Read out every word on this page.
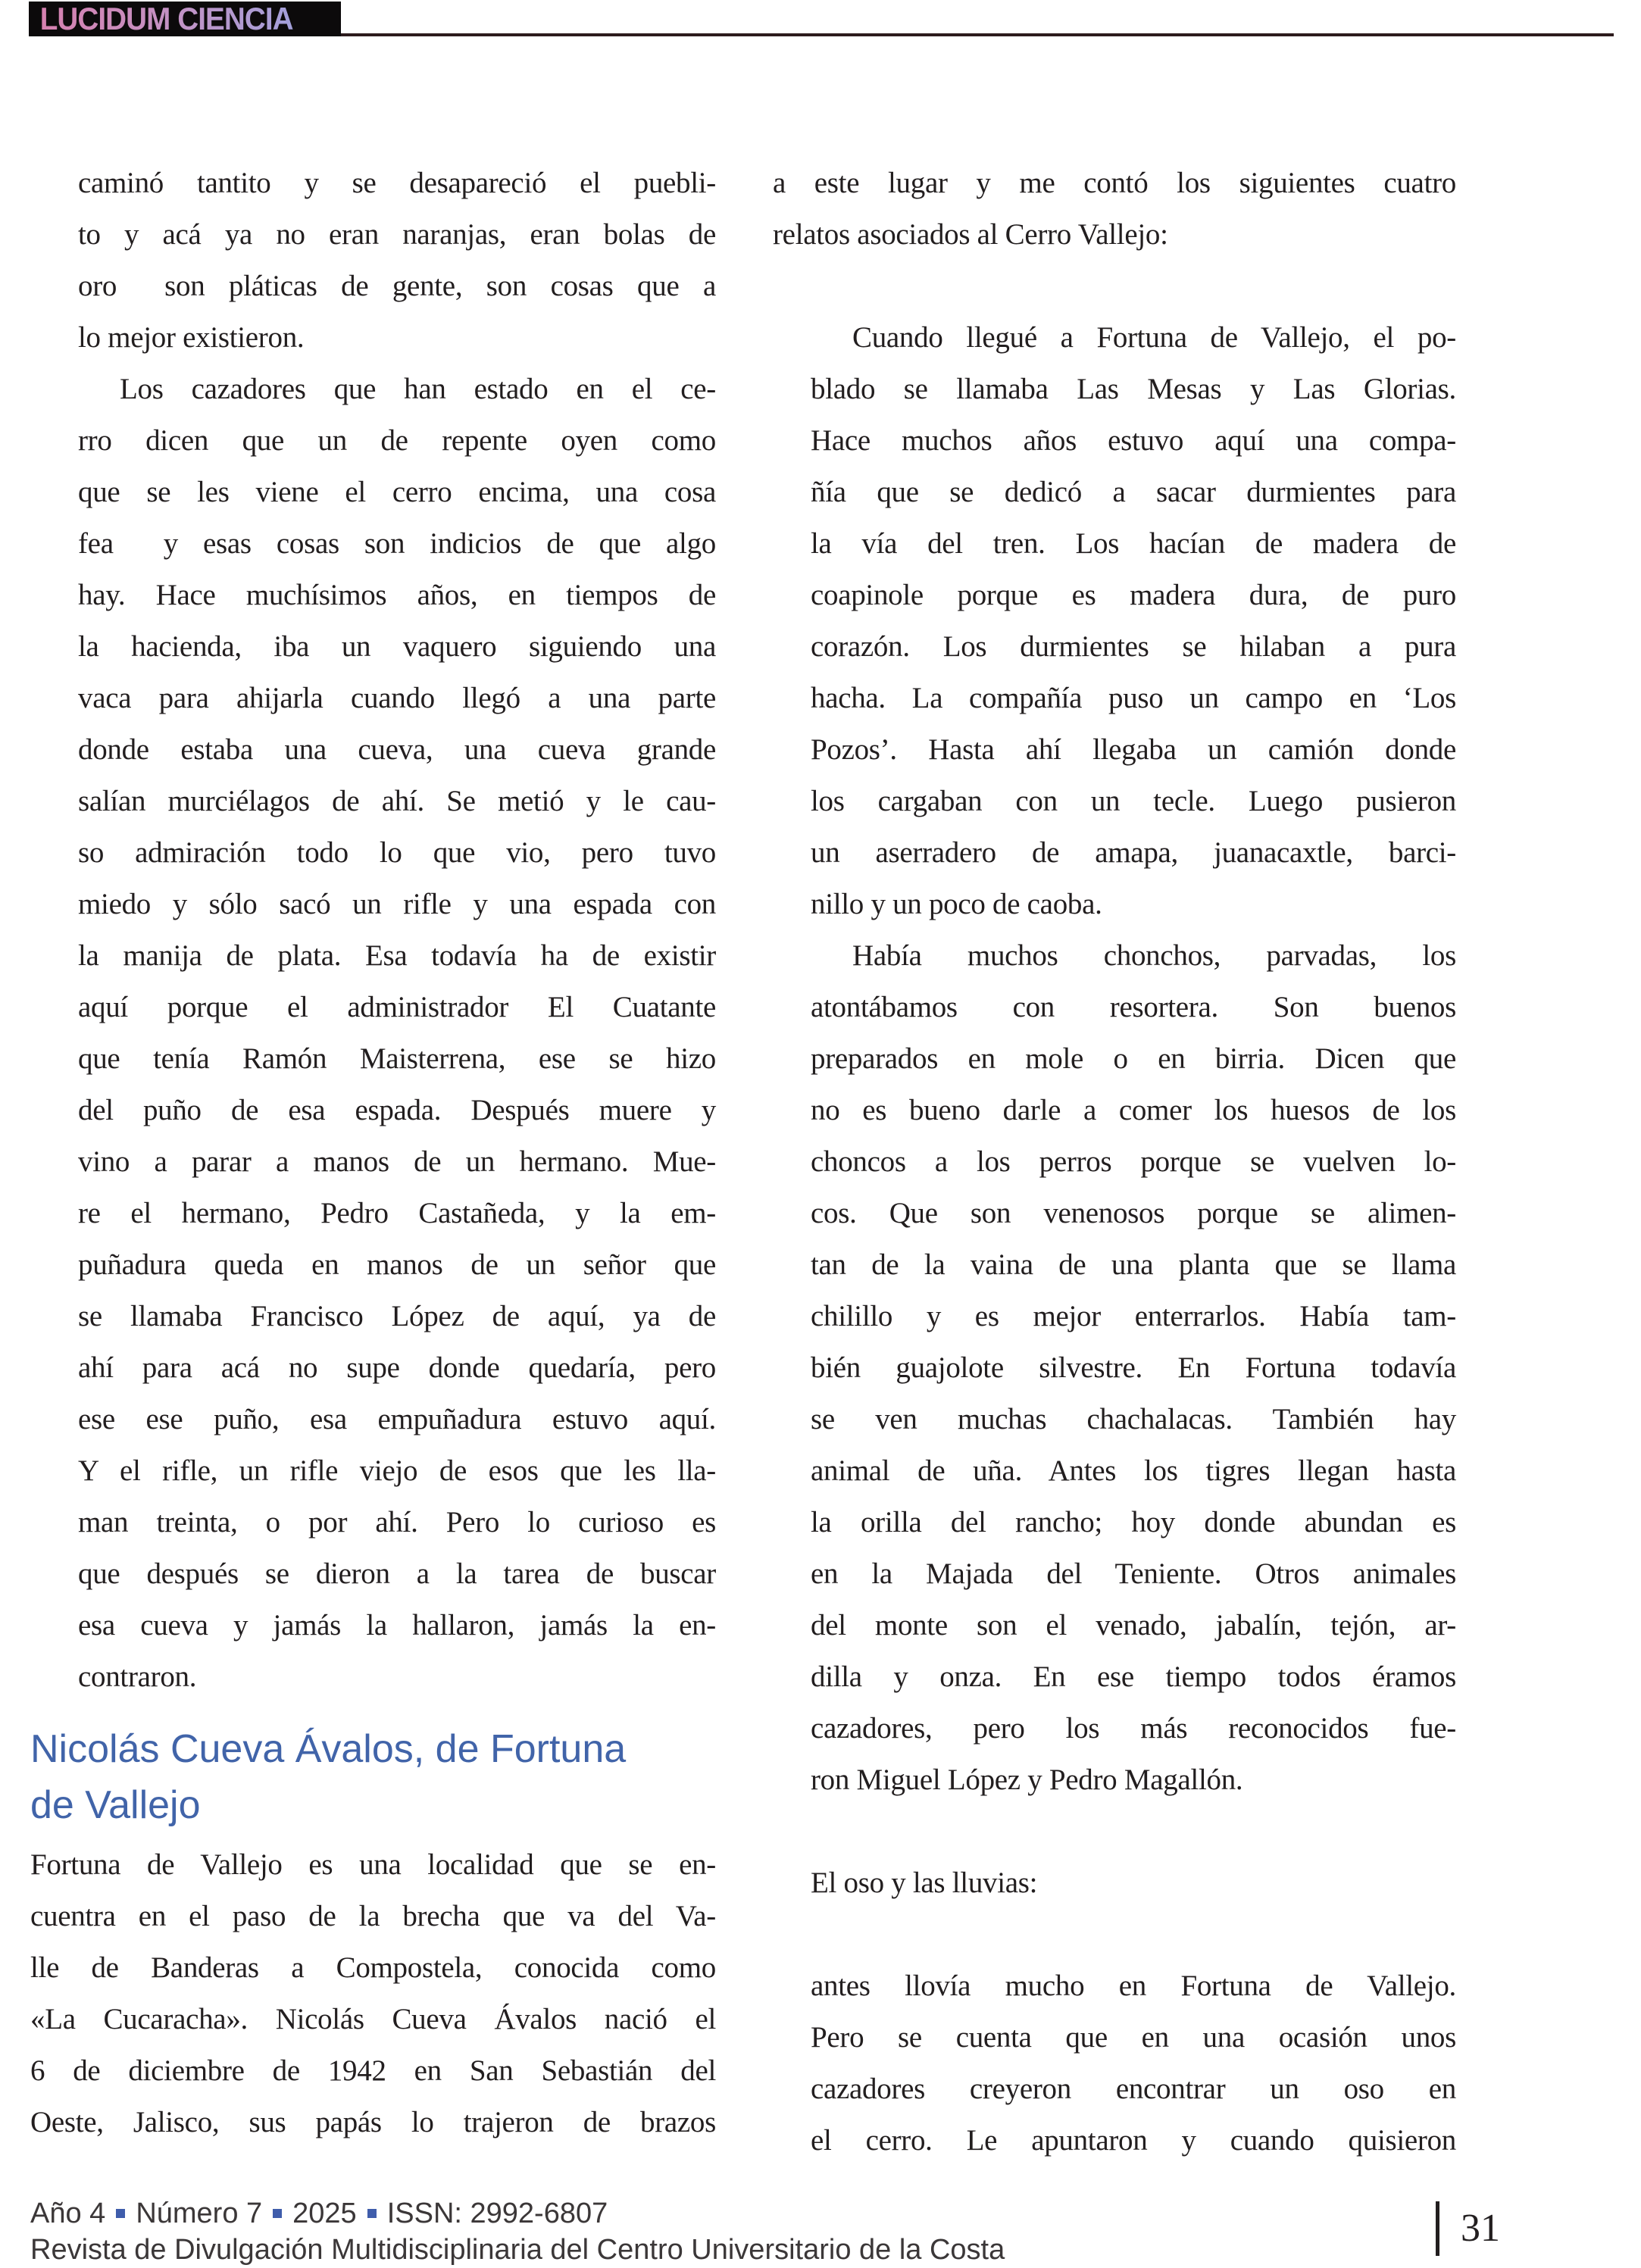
LUCIDUM CIENCIA
caminó tantito y se desapareció el puebli-
to y acá ya no eran naranjas, eran bolas de
oro  son pláticas de gente, son cosas que a
lo mejor existieron.
Los cazadores que han estado en el ce-
rro dicen que un de repente oyen como
que se les viene el cerro encima, una cosa
fea  y esas cosas son indicios de que algo
hay. Hace muchísimos años, en tiempos de
la hacienda, iba un vaquero siguiendo una
vaca para ahijarla cuando llegó a una parte
donde estaba una cueva, una cueva grande
salían murciélagos de ahí. Se metió y le cau-
so admiración todo lo que vio, pero tuvo
miedo y sólo sacó un rifle y una espada con
la manija de plata. Esa todavía ha de existir
aquí porque el administrador El Cuatante
que tenía Ramón Maisterrena, ese se hizo
del puño de esa espada. Después muere y
vino a parar a manos de un hermano. Mue-
re el hermano, Pedro Castañeda, y la em-
puñadura queda en manos de un señor que
se llamaba Francisco López de aquí, ya de
ahí para acá no supe donde quedaría, pero
ese ese puño, esa empuñadura estuvo aquí.
Y el rifle, un rifle viejo de esos que les lla-
man treinta, o por ahí. Pero lo curioso es
que después se dieron a la tarea de buscar
esa cueva y jamás la hallaron, jamás la en-
contraron.
Nicolás Cueva Ávalos, de Fortuna
de Vallejo
Fortuna de Vallejo es una localidad que se en-
cuentra en el paso de la brecha que va del Va-
lle de Banderas a Compostela, conocida como
«La Cucaracha». Nicolás Cueva Ávalos nació el
6 de diciembre de 1942 en San Sebastián del
Oeste, Jalisco, sus papás lo trajeron de brazos
a este lugar y me contó los siguientes cuatro
relatos asociados al Cerro Vallejo:
Cuando llegué a Fortuna de Vallejo, el po-
blado se llamaba Las Mesas y Las Glorias.
Hace muchos años estuvo aquí una compa-
ñía que se dedicó a sacar durmientes para
la vía del tren. Los hacían de madera de
coapinole porque es madera dura, de puro
corazón. Los durmientes se hilaban a pura
hacha. La compañía puso un campo en ‘Los
Pozos’. Hasta ahí llegaba un camión donde
los cargaban con un tecle. Luego pusieron
un aserradero de amapa, juanacaxtle, barci-
nillo y un poco de caoba.
Había muchos chonchos, parvadas, los
atontábamos con resortera. Son buenos
preparados en mole o en birria. Dicen que
no es bueno darle a comer los huesos de los
choncos a los perros porque se vuelven lo-
cos. Que son venenosos porque se alimen-
tan de la vaina de una planta que se llama
chilillo y es mejor enterrarlos. Había tam-
bién guajolote silvestre. En Fortuna todavía
se ven muchas chachalacas. También hay
animal de uña. Antes los tigres llegan hasta
la orilla del rancho; hoy donde abundan es
en la Majada del Teniente. Otros animales
del monte son el venado, jabalín, tejón, ar-
dilla y onza. En ese tiempo todos éramos
cazadores, pero los más reconocidos fue-
ron Miguel López y Pedro Magallón.
El oso y las lluvias:
antes llovía mucho en Fortuna de Vallejo.
Pero se cuenta que en una ocasión unos
cazadores creyeron encontrar un oso en
el cerro. Le apuntaron y cuando quisieron
Año 4 Número 7 2025 ISSN: 2992-6807
Revista de Divulgación Multidisciplinaria del Centro Universitario de la Costa	31
